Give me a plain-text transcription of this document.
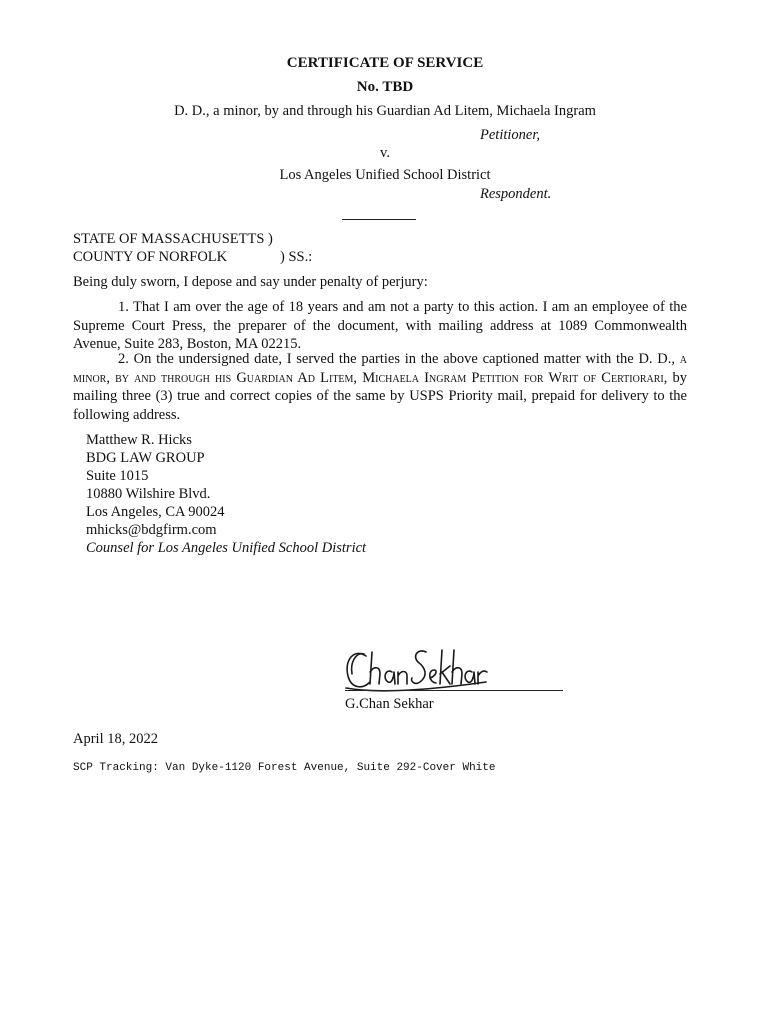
CERTIFICATE OF SERVICE
No. TBD
D. D., a minor, by and through his Guardian Ad Litem, Michaela Ingram
Petitioner,
v.
Los Angeles Unified School District
Respondent.
STATE OF MASSACHUSETTS )
COUNTY OF NORFOLK	) SS.:
Being duly sworn, I depose and say under penalty of perjury:
1. That I am over the age of 18 years and am not a party to this action. I am an employee of the Supreme Court Press, the preparer of the document, with mailing address at 1089 Commonwealth Avenue, Suite 283, Boston, MA 02215.
2. On the undersigned date, I served the parties in the above captioned matter with the D. D., a minor, by and through his Guardian Ad Litem, Michaela Ingram Petition for Writ of Certiorari, by mailing three (3) true and correct copies of the same by USPS Priority mail, prepaid for delivery to the following address.
Matthew R. Hicks
BDG LAW GROUP
Suite 1015
10880 Wilshire Blvd.
Los Angeles, CA 90024
mhicks@bdgfirm.com
Counsel for Los Angeles Unified School District
G.Chan Sekhar
April 18, 2022
SCP Tracking: Van Dyke-1120 Forest Avenue, Suite 292-Cover White
